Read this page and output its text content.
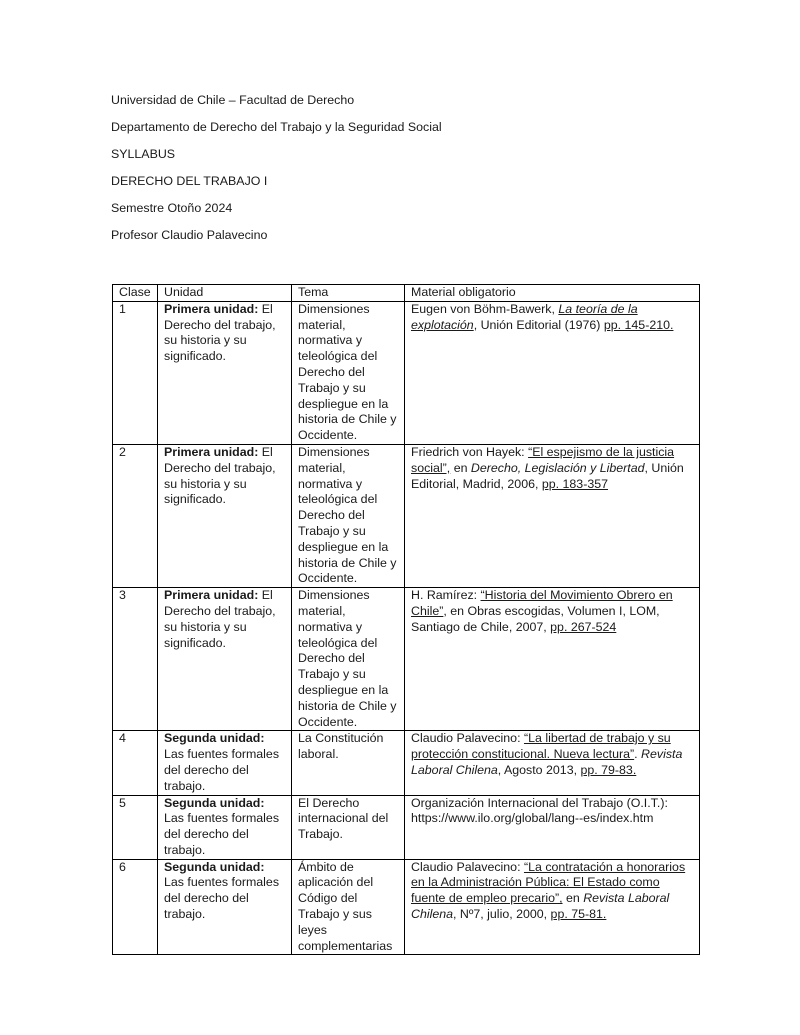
Universidad de Chile – Facultad de Derecho

Departamento de Derecho del Trabajo y la Seguridad Social

SYLLABUS

DERECHO DEL TRABAJO I

Semestre Otoño 2024

Profesor Claudio Palavecino

Clase	Unidad	Tema	Material obligatorio
1	Primera unidad: El Derecho del trabajo, su historia y su significado.	Dimensiones material, normativa y teleológica del Derecho del Trabajo y su despliegue en la historia de Chile y Occidente.	Eugen von Böhm-Bawerk, La teoría de la explotación, Unión Editorial (1976) pp. 145-210.
2	Primera unidad: El Derecho del trabajo, su historia y su significado.	Dimensiones material, normativa y teleológica del Derecho del Trabajo y su despliegue en la historia de Chile y Occidente.	Friedrich von Hayek: “El espejismo de la justicia social”, en Derecho, Legislación y Libertad, Unión Editorial, Madrid, 2006, pp. 183-357
3	Primera unidad: El Derecho del trabajo, su historia y su significado.	Dimensiones material, normativa y teleológica del Derecho del Trabajo y su despliegue en la historia de Chile y Occidente.	H. Ramírez: “Historia del Movimiento Obrero en Chile”, en Obras escogidas, Volumen I, LOM, Santiago de Chile, 2007, pp. 267-524
4	Segunda unidad: Las fuentes formales del derecho del trabajo.	La Constitución laboral.	Claudio Palavecino: “La libertad de trabajo y su protección constitucional. Nueva lectura”. Revista Laboral Chilena, Agosto 2013, pp. 79-83.
5	Segunda unidad: Las fuentes formales del derecho del trabajo.	El Derecho internacional del Trabajo.	Organización Internacional del Trabajo (O.I.T.): https://www.ilo.org/global/lang--es/index.htm
6	Segunda unidad: Las fuentes formales del derecho del trabajo.	Ámbito de aplicación del Código del Trabajo y sus leyes complementarias	Claudio Palavecino: “La contratación a honorarios en la Administración Pública: El Estado como fuente de empleo precario”, en Revista Laboral Chilena, Nº7, julio, 2000, pp. 75-81.
